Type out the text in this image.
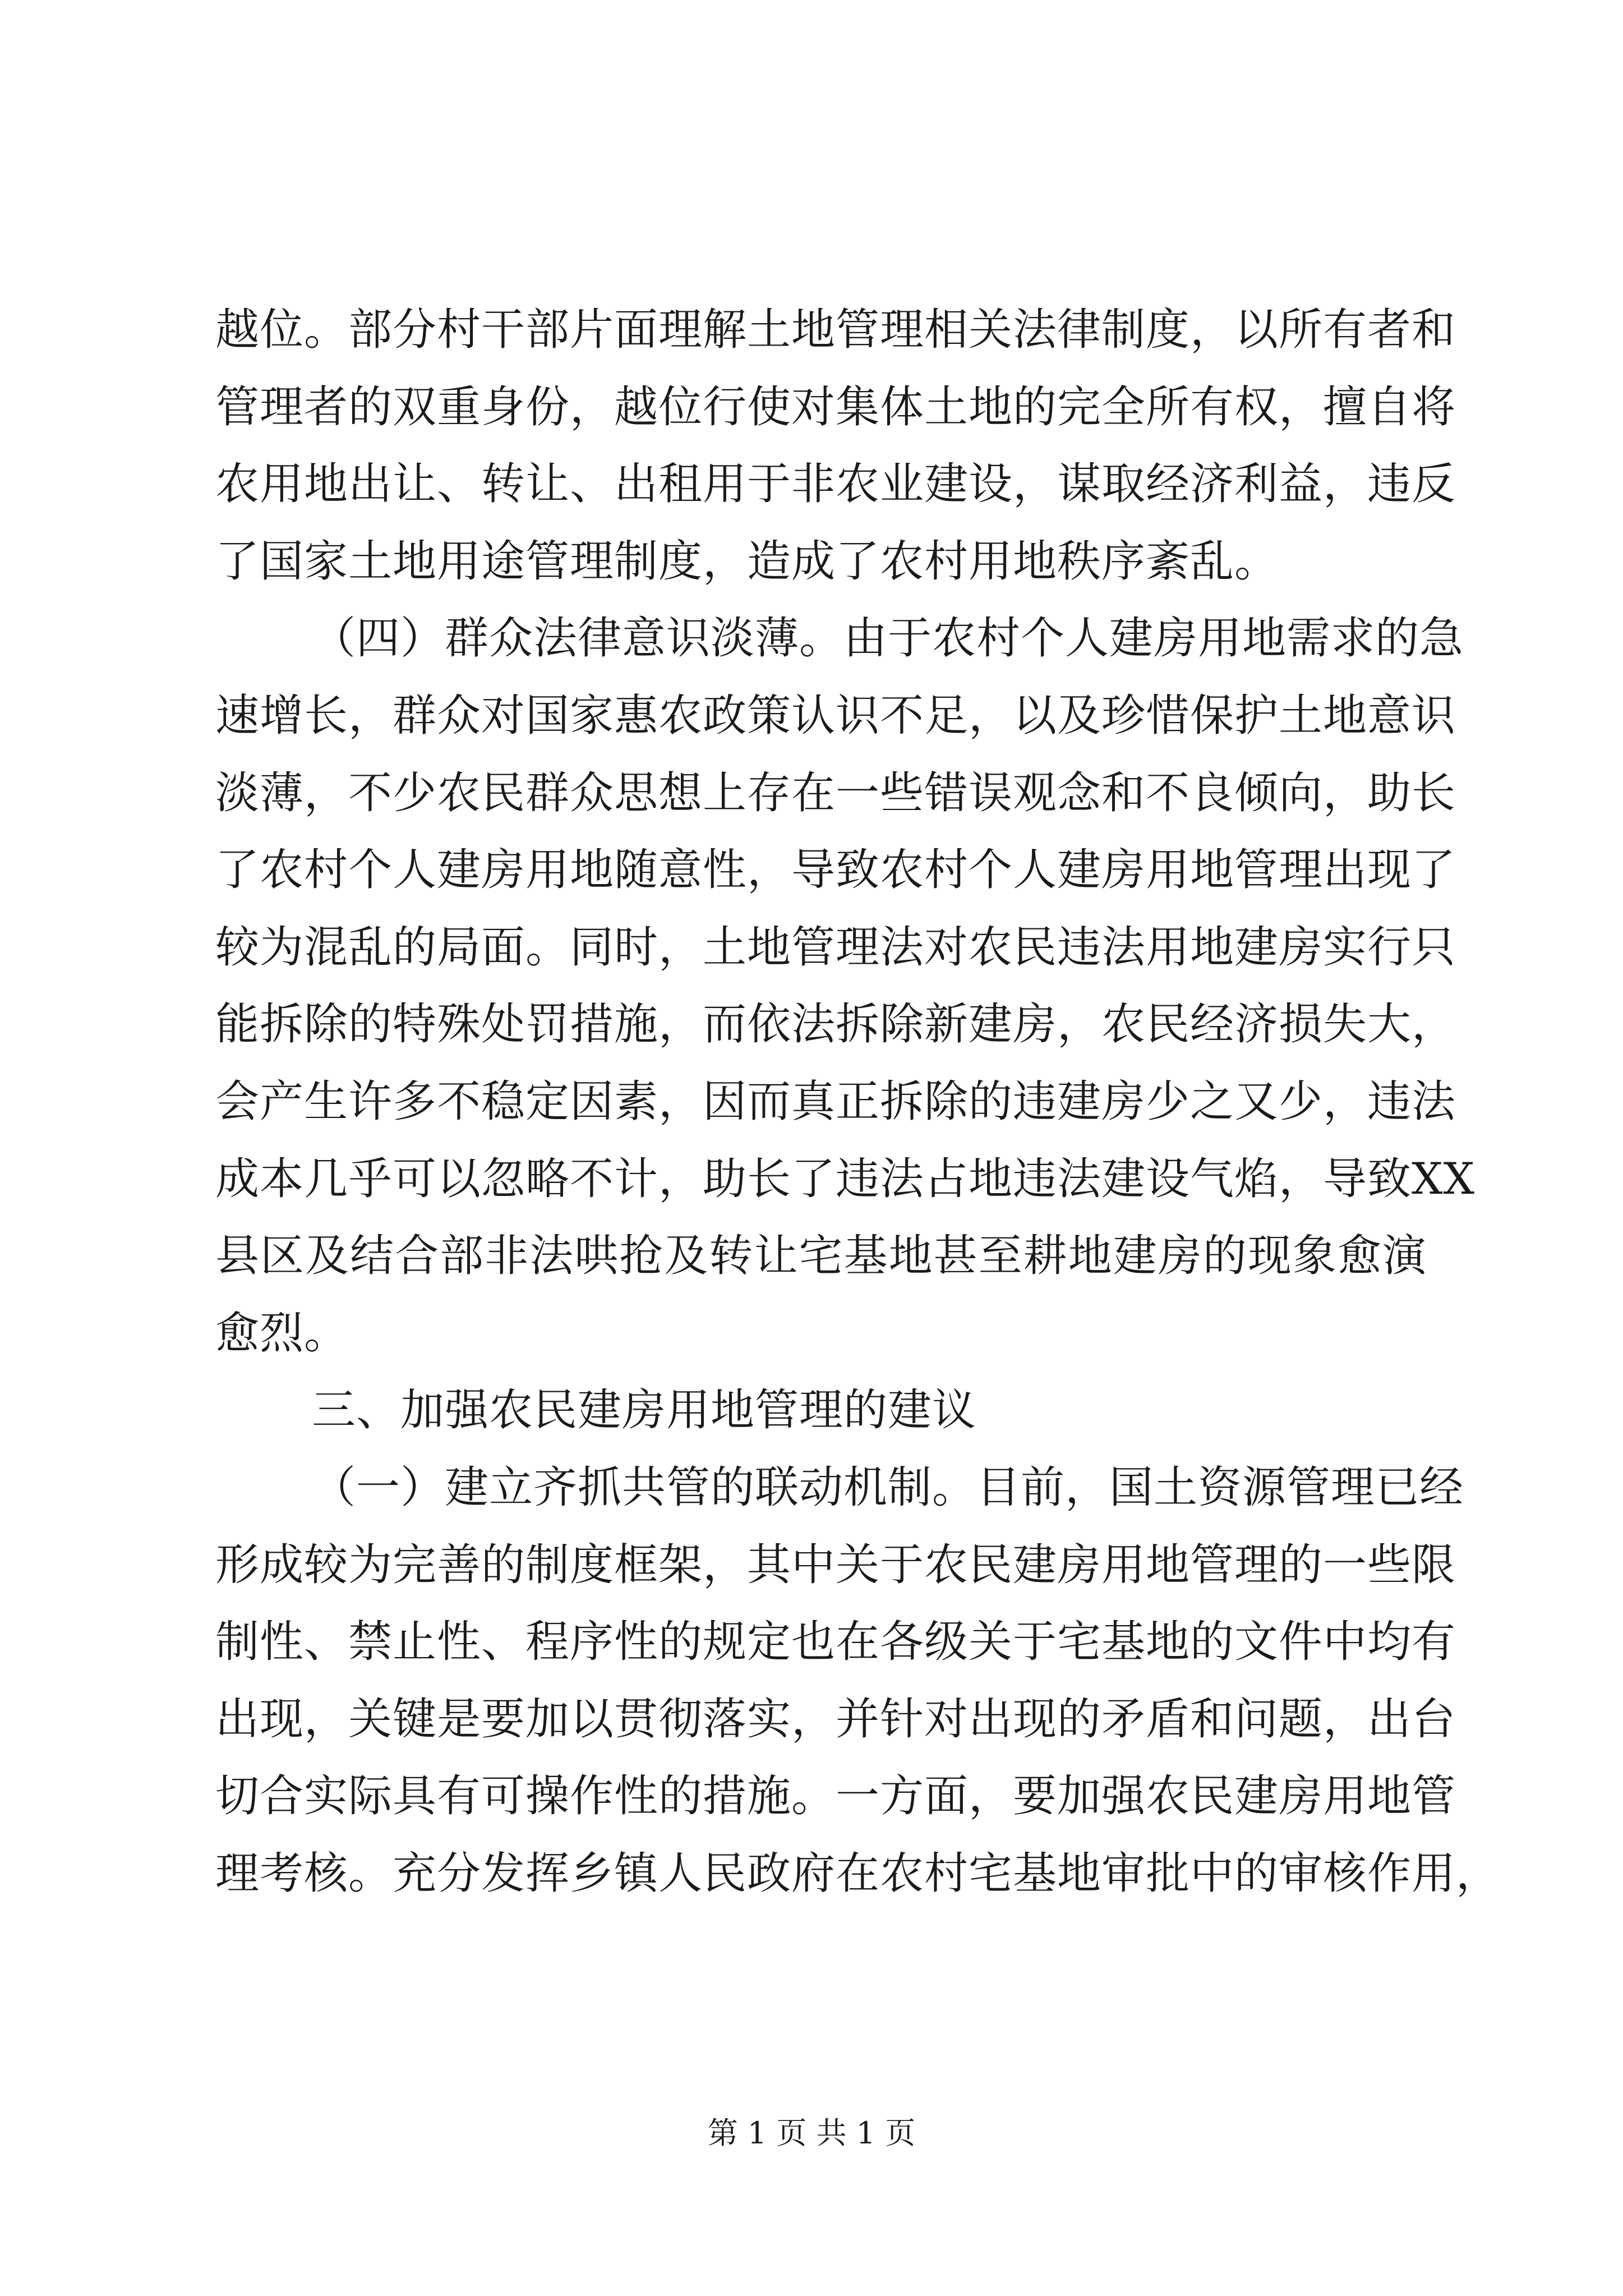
越位。部分村干部片面理解土地管理相关法律制度，以所有者和
管理者的双重身份，越位行使对集体土地的完全所有权，擅自将
农用地出让、转让、出租用于非农业建设，谋取经济利益，违反
了国家土地用途管理制度，造成了农村用地秩序紊乱。
（四）群众法律意识淡薄。由于农村个人建房用地需求的急
速增长，群众对国家惠农政策认识不足，以及珍惜保护土地意识
淡薄，不少农民群众思想上存在一些错误观念和不良倾向，助长
了农村个人建房用地随意性，导致农村个人建房用地管理出现了
较为混乱的局面。同时，土地管理法对农民违法用地建房实行只
能拆除的特殊处罚措施，而依法拆除新建房，农民经济损失大，
会产生许多不稳定因素，因而真正拆除的违建房少之又少，违法
成本几乎可以忽略不计，助长了违法占地违法建设气焰，导致XX
县区及结合部非法哄抢及转让宅基地甚至耕地建房的现象愈演
愈烈。
三、加强农民建房用地管理的建议
（一）建立齐抓共管的联动机制。目前，国土资源管理已经
形成较为完善的制度框架，其中关于农民建房用地管理的一些限
制性、禁止性、程序性的规定也在各级关于宅基地的文件中均有
出现，关键是要加以贯彻落实，并针对出现的矛盾和问题，出台
切合实际具有可操作性的措施。一方面，要加强农民建房用地管
理考核。充分发挥乡镇人民政府在农村宅基地审批中的审核作用，
第 1 页 共 1 页
